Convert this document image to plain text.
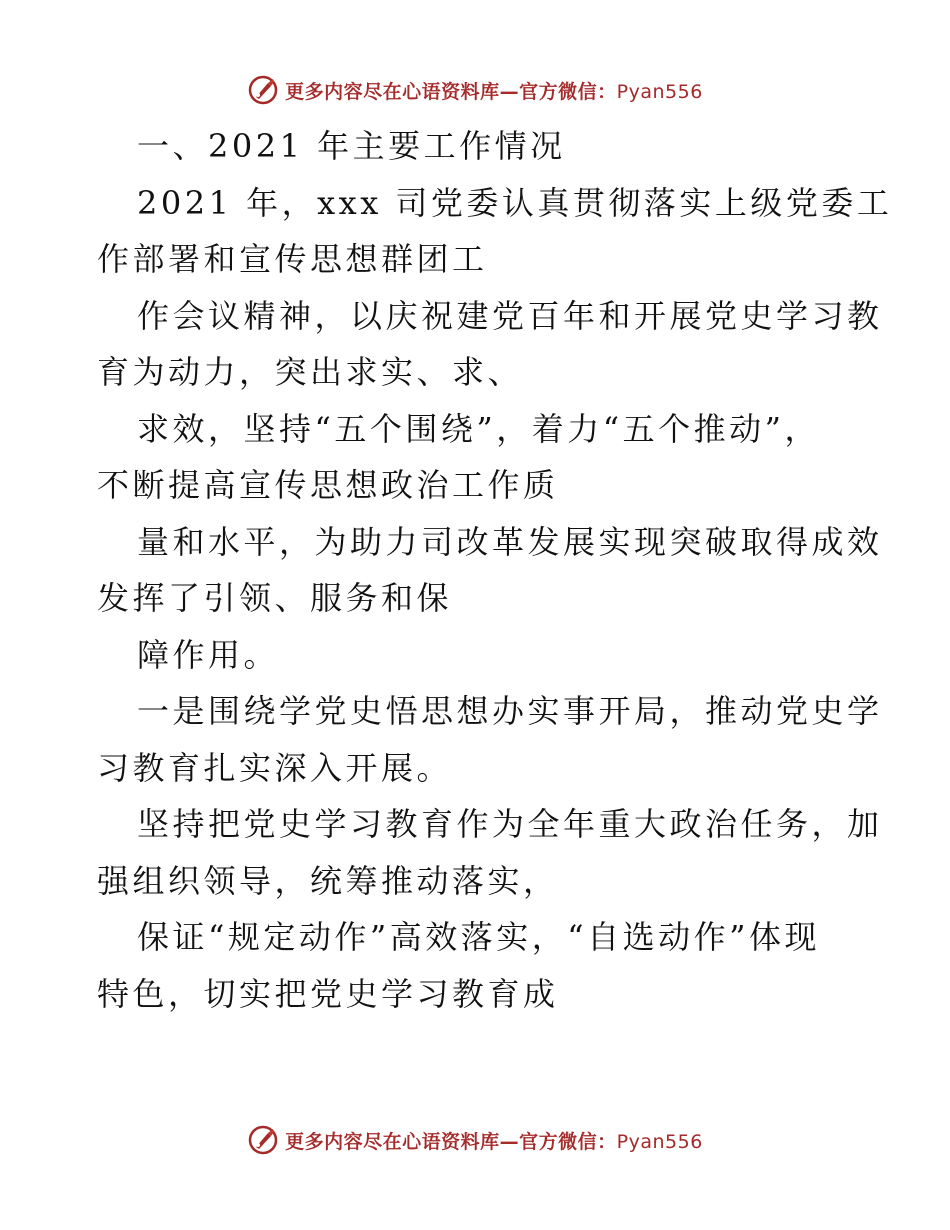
更多内容尽在心语资料库—官方微信：Pyan556
一、2021 年主要工作情况
2021 年，xxx 司党委认真贯彻落实上级党委工
作部署和宣传思想群团工
作会议精神，以庆祝建党百年和开展党史学习教
育为动力，突出求实、求、
求效，坚持“五个围绕”，着力“五个推动”，
不断提高宣传思想政治工作质
量和水平，为助力司改革发展实现突破取得成效
发挥了引领、服务和保
障作用。
一是围绕学党史悟思想办实事开局，推动党史学
习教育扎实深入开展。
坚持把党史学习教育作为全年重大政治任务，加
强组织领导，统筹推动落实，
保证“规定动作”高效落实，“自选动作”体现
特色，切实把党史学习教育成
更多内容尽在心语资料库—官方微信：Pyan556
